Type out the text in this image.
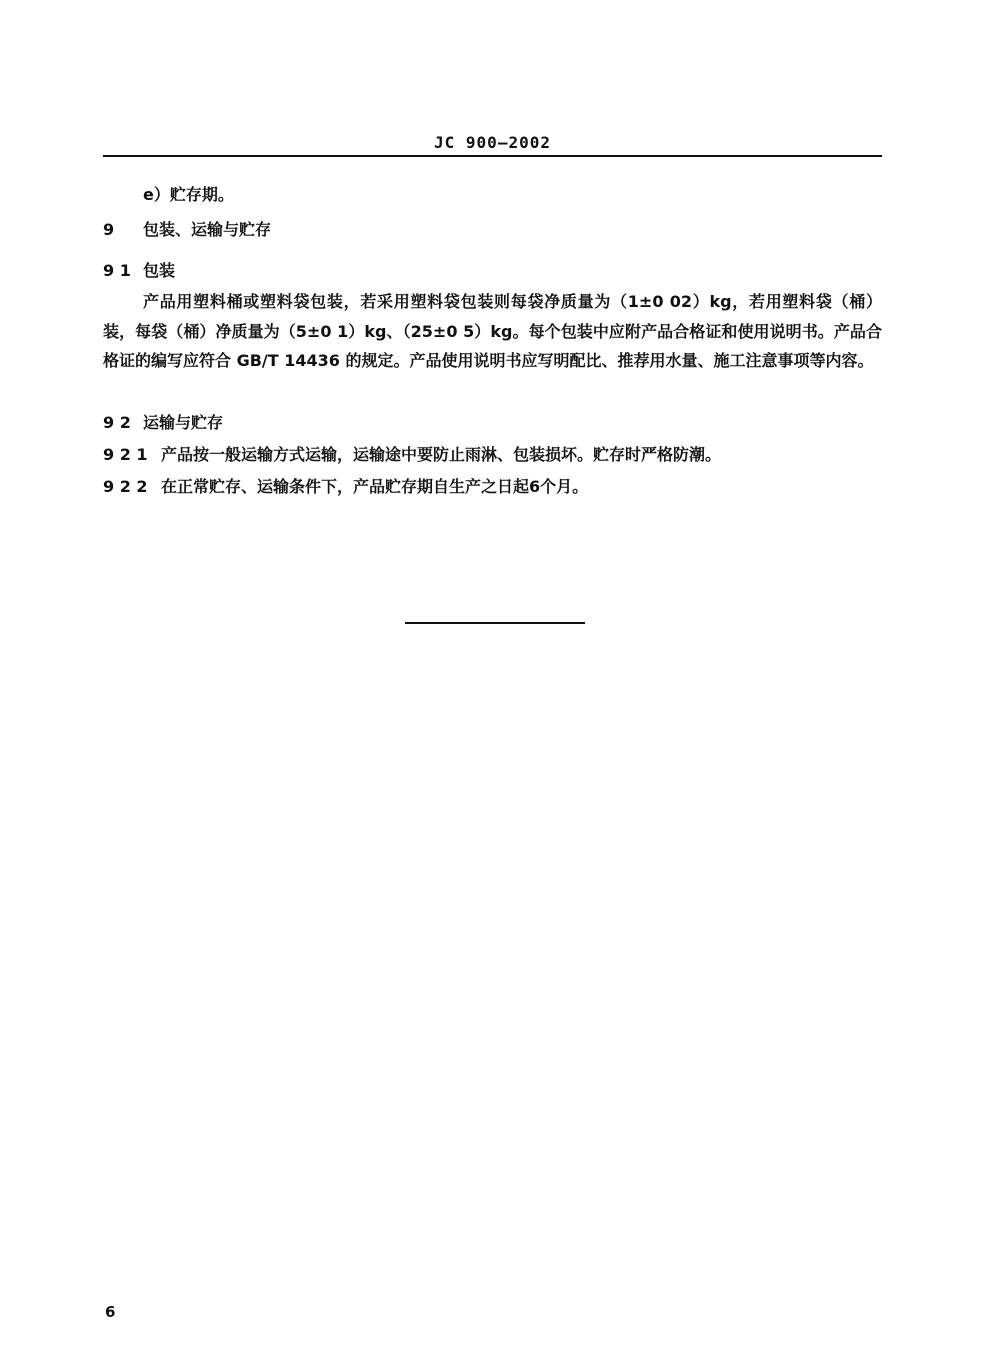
JC 900—2002
e）贮存期。
9 包装、运输与贮存
9 1 包装
产品用塑料桶或塑料袋包装，若采用塑料袋包装则每袋净质量为（1±0 02）kg，若用塑料袋（桶）装，每袋（桶）净质量为（5±0 1）kg、（25±0 5）kg。每个包装中应附产品合格证和使用说明书。产品合格证的编写应符合 GB/T 14436 的规定。产品使用说明书应写明配比、推荐用水量、施工注意事项等内容。
9 2 运输与贮存
9 2 1 产品按一般运输方式运输，运输途中要防止雨淋、包装损坏。贮存时严格防潮。
9 2 2 在正常贮存、运输条件下，产品贮存期自生产之日起6个月。
6
